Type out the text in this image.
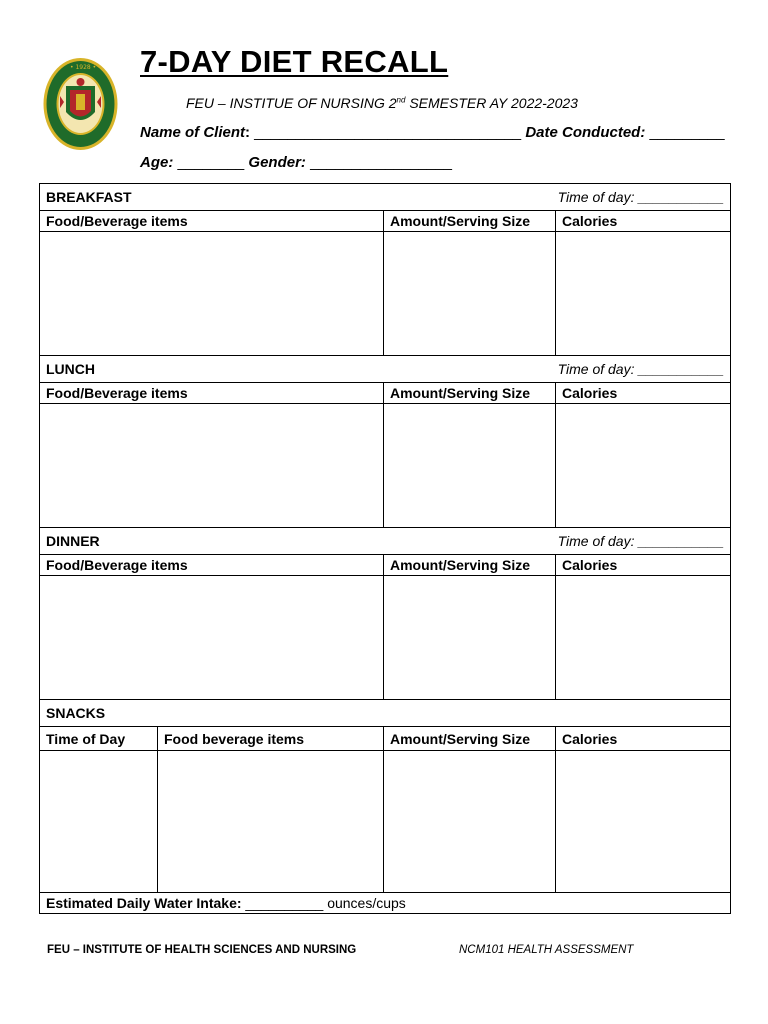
• 1928 • 7-DAY DIET RECALL
FEU – INSTITUE OF NURSING 2nd SEMESTER AY 2022-2023
Name of Client: ________________________________ Date Conducted: _________
Age: ________ Gender: _________________
BREAKFAST Time of day: ___________			

Food/Beverage items		Amount/Serving Size	Calories

LUNCH Time of day: ___________			

Food/Beverage items		Amount/Serving Size	Calories

DINNER Time of day: ___________			

Food/Beverage items		Amount/Serving Size	Calories

SNACKS			
Time of Day	Food beverage items	Amount/Serving Size	Calories

Estimated Daily Water Intake: __________ ounces/cups			
FEU – INSTITUTE OF HEALTH SCIENCES AND NURSING	NCM101 HEALTH ASSESSMENT
